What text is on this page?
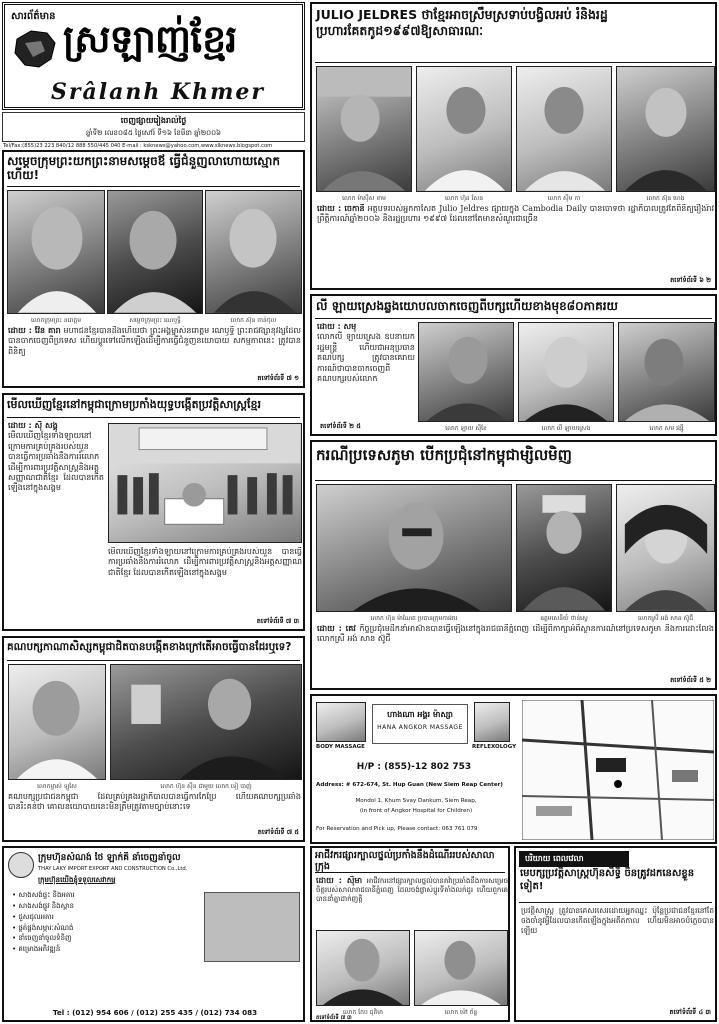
សារព័ត៌មាន
ស្រឡាញ់ខ្មែរ
Srâlanh Khmer
ចេញផ្សាយរៀងរាល់ថ្ងៃ
ឆ្នាំទី២ លេខ០៨៥ ថ្ងៃសៅរ៍ ទី១៦ ខែមីនា ឆ្នាំ២០០៦
Tel/Fax:(855)23 223 840/12 888 550/445 040 E-mail : ksknews@yahoo.com,www.slknews.blogspot.com
សម្តេចក្រុមព្រះយកព្រះនាមសម្តេចឪ ធ្វើជំនួញលាហោយស្មោកហើយ!
លោកក្រុមព្រះ នរោត្តម	សម្តេចក្រុមព្រះ រណឫទ្ធិ	លោក ស៊ុន ចាន់ថុល
ដោយ : វ៉ែន តារា មហាជនខ្មែរបានដឹងហើយថា ព្រះអង្គម្ចាស់នរោត្តម រណឫទ្ធិ ព្រះរាជវង្សានុវង្សដែលបានចាកចេញពីប្រទេស ហើយប្តូរទៅលើកឡើងដើម្បីការធ្វើជំនួញនយោបាយ សកម្មភាពនេះ ត្រូវបានពិនិត្យ
តទៅទំព័រទី ៧ ១
មើលឃើញខ្មែរនៅកម្ពុជាក្រោមប្រកាំងយុទ្ធបង្កើតប្រវត្តិសាស្ត្រខ្មែរ
ដោយ : ស៊ី សង្គ
មើលឃើញខ្មែរទាំងឡាយនៅក្រោមការគ្រប់គ្រងរបស់យួន បានធ្វើការប្រឆាំងនឹងការរំលោភ ដើម្បីការពារប្រវត្តិសាស្ត្រនិងអត្តសញ្ញាណជាតិខ្មែរ ដែលបានកើតឡើងនៅក្នុងសង្គម
មើលឃើញខ្មែរទាំងឡាយនៅក្រោមការគ្រប់គ្រងរបស់យួន បានធ្វើការប្រឆាំងនឹងការរំលោភ ដើម្បីការពារប្រវត្តិសាស្ត្រនិងអត្តសញ្ញាណជាតិខ្មែរ ដែលបានកើតឡើងនៅក្នុងសង្គម
តទៅទំព័រទី ៧ ៣
គណបក្សកាណាសិស្សកម្ពុជាជិតបានបង្កើតខាងក្រៅតើអាចធ្វើបានដែរឬទេ?
លោកម្ចាស់ ឡូសែ	លោក ហ៊ុន ស៊ីន ជាមួយ លោក ទៀ បាញ់
គណបក្សប្រជាជនកម្ពុជា ដែលគ្រប់គ្រងរដ្ឋាភិបាលបានធ្វើការកែប្រែ ហើយគណបក្សប្រឆាំងបានរិះគន់ថា គោលនយោបាយនេះមិនត្រឹមត្រូវតាមច្បាប់នោះទេ
តទៅទំព័រទី ៧ ៥
JULIO JELDRES ថាខ្មែរអាចស្រឹមស្រទាប់បង្វិលអប់ រំនិងរដ្ឋប្រហារគែតកូដ១៩៩៧ឱ្យសាធារណៈ
លោក ម៉ាស៊ីស ខាម	លោក ហ៊ុន សែន	លោក ស៊ីម កា	លោក ស៊ុន ហេង
ដោយ : ចេកានី អត្ថបទរបស់អ្នកកាសែត Julio Jeldres ផ្សាយក្នុង Cambodia Daily បានចោទថា រដ្ឋាភិបាលត្រូវតែពិនិត្យរឿងរ៉ាវព្រឹត្តិការណ៍ឆ្នាំ២០០៦ និងរដ្ឋប្រហារ ១៩៩៧ ដែលនៅតែមានសំណួរជាច្រើន
តទៅទំព័រទី ៦ ២
លី ឡាយស្រេងឆ្លងយោបលចាកចេញពីបក្សហើយខាងមុខ៨០ភាគរយ
ដោយ : សមុ
លោកលី ឡាយស្រេង ឧបនាយករដ្ឋមន្ត្រី ហើយជាអនុប្រធានគណបក្ស ត្រូវបានគេរាយការណ៍ថាបានចាកចេញពីគណបក្សរបស់លោក
លោក ឡាយ ស៊ីខែ	លោក លី ឡាយស្រេង	លោក សម រង្ស៊ី
តទៅទំព័រទី ២ ៥
ករណីប្រទេសភូមា បើកប្រជុំនៅកម្ពុជាម្សិលមិញ
លោក ហ៊ុន ម៉ាណែត ប្រធានក្រុមការងារ	ឧត្តមសេនីយ៍ ថាន់ស្វេ	លោកស្រី អង់ សាន ស៊ូជី
ដោយ : គេវ កិច្ចប្រជុំមេដឹកនាំអាស៊ានបានធ្វើឡើងនៅក្នុងរាជធានីភ្នំពេញ ដើម្បីពិភាក្សាអំពីស្ថានការណ៍នៅប្រទេសភូមា និងការដោះលែងលោកស្រី អង់ សាន ស៊ូជី
តទៅទំព័រទី ៥ ២
BODY MASSAGE
ហាងណា អង្គរ ម៉ាស្សា
HANA ANGKOR MASSAGE
REFLEXOLOGY
H/P : (855)-12 802 753
Address: # 672-674, St. Hup Guan (New Siem Reap Center)
Mondol 1, Khum Svay Dankum, Siem Reap,
(in front of Angkor Hospital for Children)
For Reservation and Pick up, Please contact: 063 761 079
ក្រុមហ៊ុនសំណង់ ថៃ ឡាក់គី នាំចេញនាំចូល
THAY LAKY IMPORT EXPORT AND CONSTRUCTION Co.,Ltd.
ក្រុមហ៊ុនយើងខ្ញុំទទួលសេវាកម្ម
• សាងសង់ផ្ទះ និងអគារ
• សាងសង់ផ្លូវ និងស្ពាន
• ជួសជុលអគារ
• ផ្គត់ផ្គង់សម្ភារៈសំណង់
• នាំចេញនាំចូលទំនិញ
• គម្រោងអភិវឌ្ឍន៍
Tel : (012) 954 606 / (012) 255 435 / (012) 734 083
អាជីវករផ្សារក្បាលថ្នល់ប្រកាំងនឹងដំណើររបស់សាលាក្រុង
ដោយ : សុិមា អាជីវករនៅផ្សារក្បាលថ្នល់បានតវ៉ាប្រឆាំងនឹងការសម្រេចចិត្តរបស់សាលារាជធានីភ្នំពេញ ដែលចង់ផ្លាស់ប្តូរទីតាំងលក់ដូរ ហើយពួកគេបាននាំគ្នាដាក់ញត្តិ
លោក កែប ជុតិមា	លោក ម៉ៅ ច័ន្ទ
តទៅទំព័រទី ៧ ៣
បរិយាយ ពេលវេលា
មេបក្សប្រវត្តិសាស្ត្រហ៊ុនសិទ្ធិ ចិនត្រូវដកនេសខ្លួនទៀត!
ប្រវត្តិសាស្ត្រ ត្រូវបានគេសរសេរដោយអ្នកឈ្នះ ប៉ុន្តែប្រជាជនខ្មែរនៅតែចងចាំនូវអ្វីដែលបានកើតឡើងក្នុងអតីតកាល ហើយមិនអាចបំភ្លេចបានឡើយ
តទៅទំព័រទី ៤ ៣
